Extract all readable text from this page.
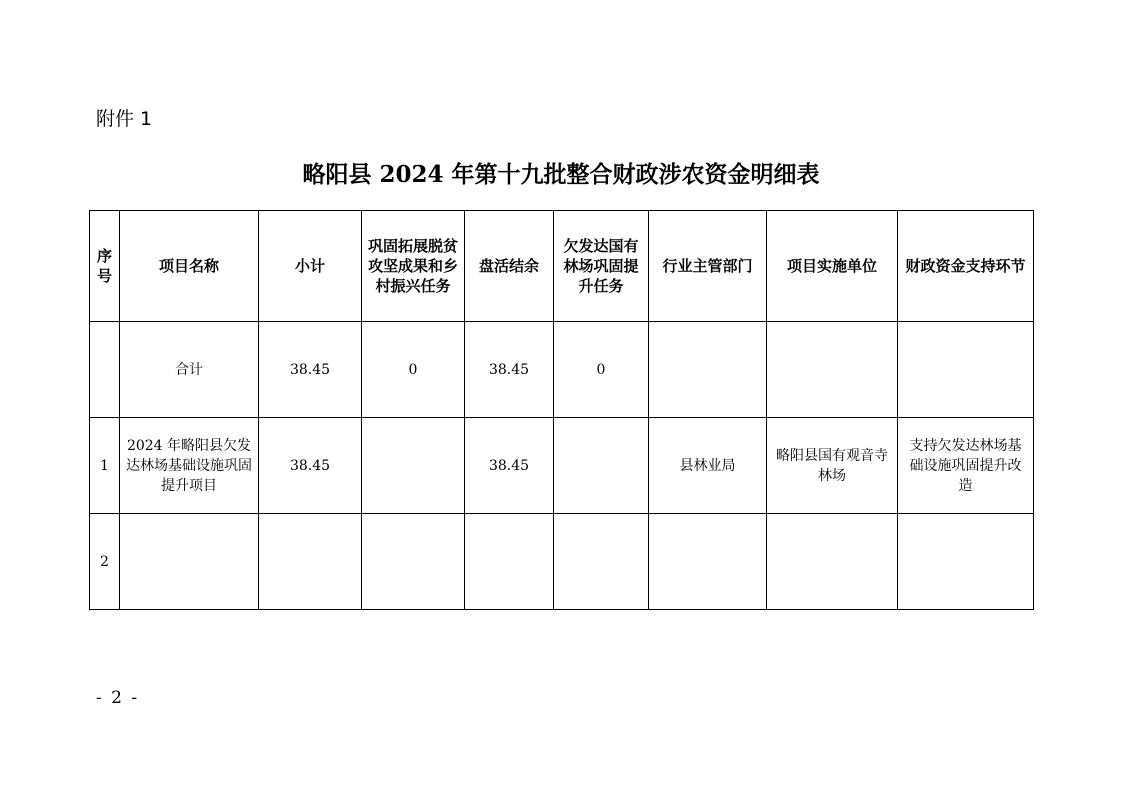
附件 1
略阳县 2024 年第十九批整合财政涉农资金明细表
序号	项目名称	小计	巩固拓展脱贫攻坚成果和乡村振兴任务	盘活结余	欠发达国有林场巩固提升任务	行业主管部门	项目实施单位	财政资金支持环节
	合计	38.45	0	38.45	0			
1	2024 年略阳县欠发达林场基础设施巩固提升项目	38.45		38.45		县林业局	略阳县国有观音寺林场	支持欠发达林场基础设施巩固提升改造
2								
- 2 -
